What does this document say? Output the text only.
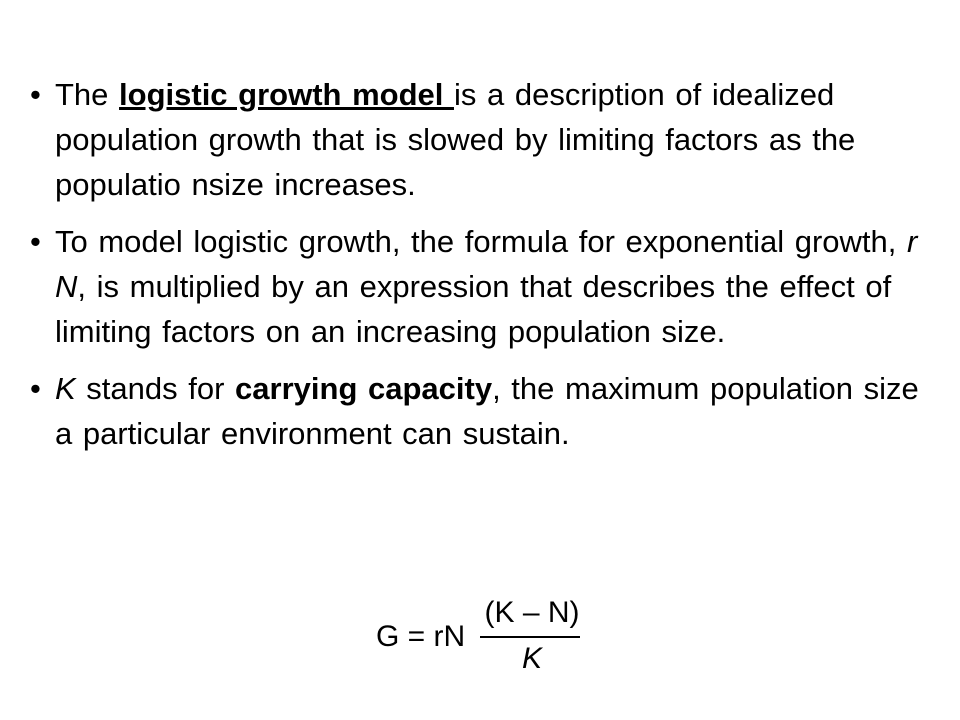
• The logistic growth model is a description of idealized population growth that is slowed by limiting factors as the populatio nsize increases.
• To model logistic growth, the formula for exponential growth, r N, is multiplied by an expression that describes the effect of limiting factors on an increasing population size.
• K stands for carrying capacity, the maximum population size a particular environment can sustain.
G = rN
(K – N)
K
